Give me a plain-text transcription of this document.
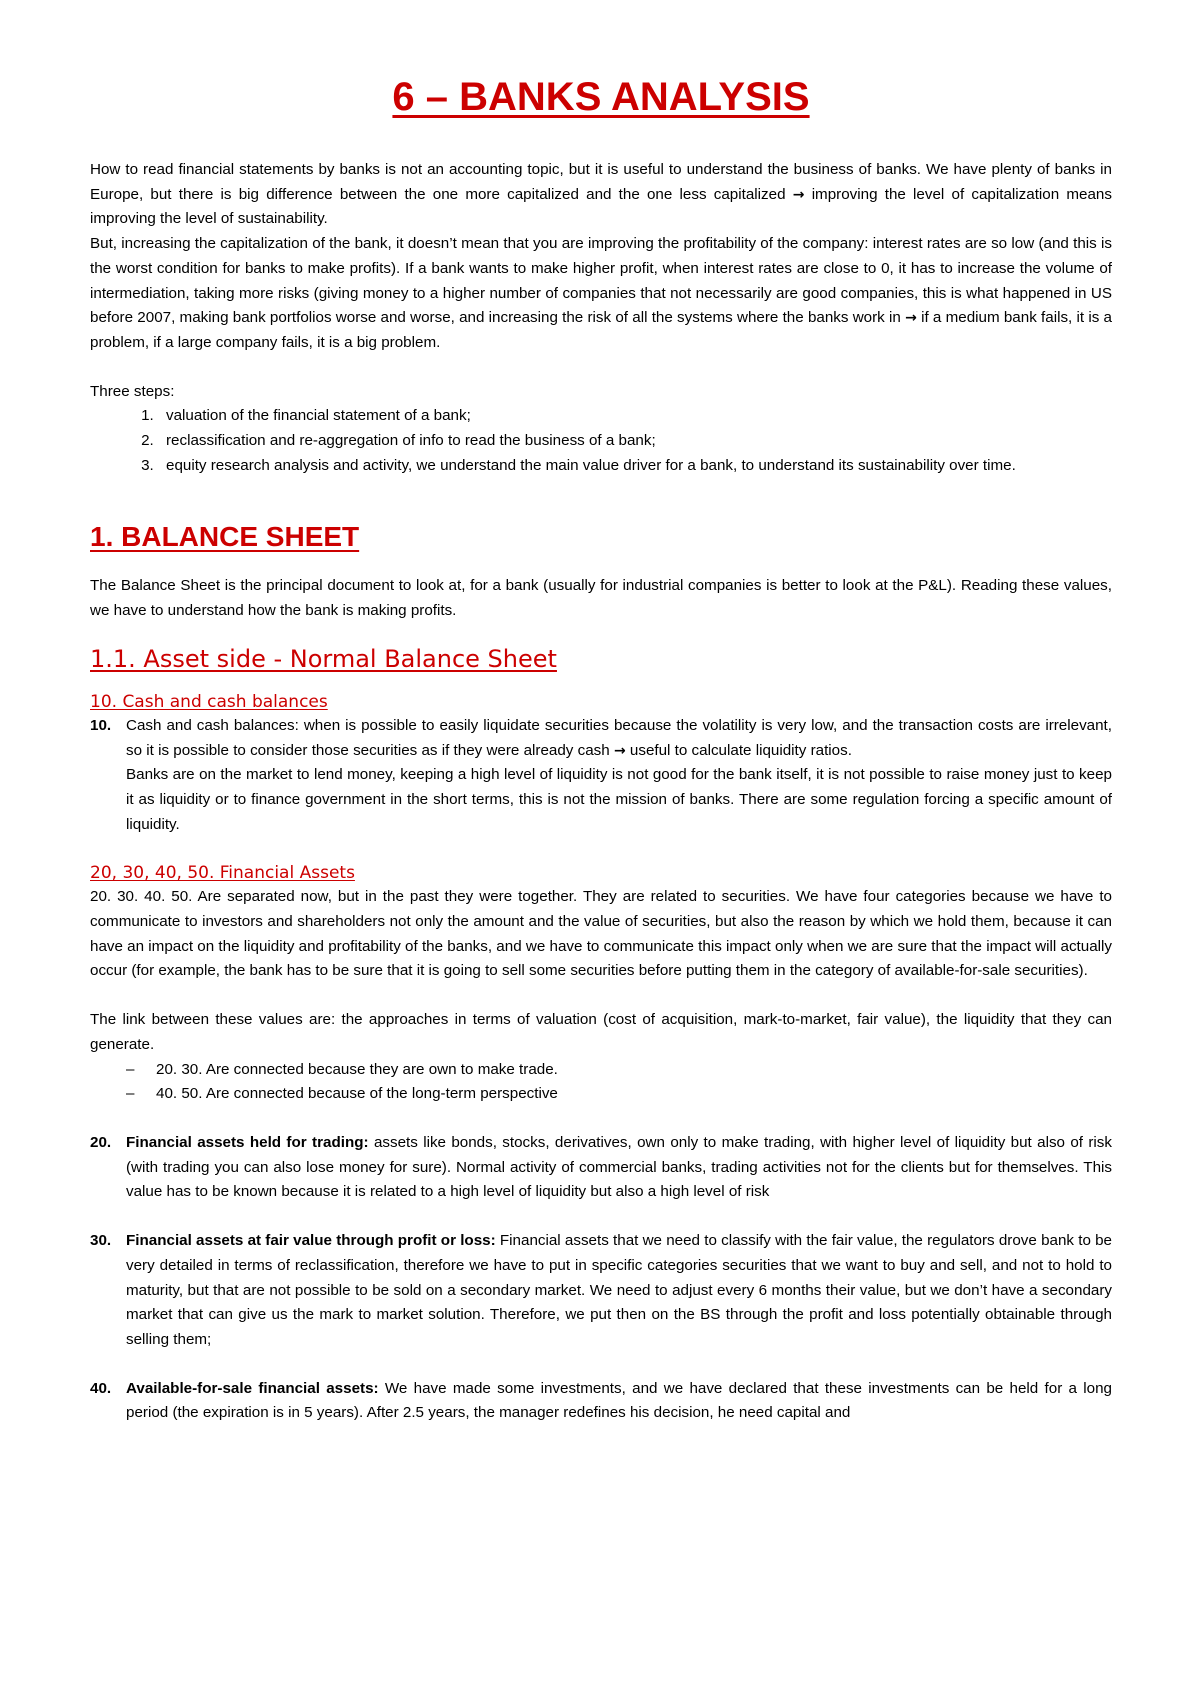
6 – BANKS ANALYSIS

How to read financial statements by banks is not an accounting topic, but it is useful to understand the business of banks. We have plenty of banks in Europe, but there is big difference between the one more capitalized and the one less capitalized → improving the level of capitalization means improving the level of sustainability.

But, increasing the capitalization of the bank, it doesn’t mean that you are improving the profitability of the company: interest rates are so low (and this is the worst condition for banks to make profits). If a bank wants to make higher profit, when interest rates are close to 0, it has to increase the volume of intermediation, taking more risks (giving money to a higher number of companies that not necessarily are good companies, this is what happened in US before 2007, making bank portfolios worse and worse, and increasing the risk of all the systems where the banks work in → if a medium bank fails, it is a problem, if a large company fails, it is a big problem.

Three steps:

1. valuation of the financial statement of a bank;
2. reclassification and re-aggregation of info to read the business of a bank;
3. equity research analysis and activity, we understand the main value driver for a bank, to understand its sustainability over time.
1. BALANCE SHEET

The Balance Sheet is the principal document to look at, for a bank (usually for industrial companies is better to look at the P&L). Reading these values, we have to understand how the bank is making profits.

1.1. Asset side - Normal Balance Sheet
10. Cash and cash balances
10. Cash and cash balances: when is possible to easily liquidate securities because the volatility is very low, and the transaction costs are irrelevant, so it is possible to consider those securities as if they were already cash → useful to calculate liquidity ratios.
Banks are on the market to lend money, keeping a high level of liquidity is not good for the bank itself, it is not possible to raise money just to keep it as liquidity or to finance government in the short terms, this is not the mission of banks. There are some regulation forcing a specific amount of liquidity.
20, 30, 40, 50. Financial Assets

20. 30. 40. 50. Are separated now, but in the past they were together. They are related to securities. We have four categories because we have to communicate to investors and shareholders not only the amount and the value of securities, but also the reason by which we hold them, because it can have an impact on the liquidity and profitability of the banks, and we have to communicate this impact only when we are sure that the impact will actually occur (for example, the bank has to be sure that it is going to sell some securities before putting them in the category of available-for-sale securities).

The link between these values are: the approaches in terms of valuation (cost of acquisition, mark-to-market, fair value), the liquidity that they can generate.

–	20. 30. Are connected because they are own to make trade.
–	40. 50. Are connected because of the long-term perspective
20. Financial assets held for trading: assets like bonds, stocks, derivatives, own only to make trading, with higher level of liquidity but also of risk (with trading you can also lose money for sure). Normal activity of commercial banks, trading activities not for the clients but for themselves. This value has to be known because it is related to a high level of liquidity but also a high level of risk
30. Financial assets at fair value through profit or loss: Financial assets that we need to classify with the fair value, the regulators drove bank to be very detailed in terms of reclassification, therefore we have to put in specific categories securities that we want to buy and sell, and not to hold to maturity, but that are not possible to be sold on a secondary market. We need to adjust every 6 months their value, but we don’t have a secondary market that can give us the mark to market solution. Therefore, we put then on the BS through the profit and loss potentially obtainable through selling them;
40. Available-for-sale financial assets: We have made some investments, and we have declared that these investments can be held for a long period (the expiration is in 5 years). After 2.5 years, the manager redefines his decision, he need capital and
